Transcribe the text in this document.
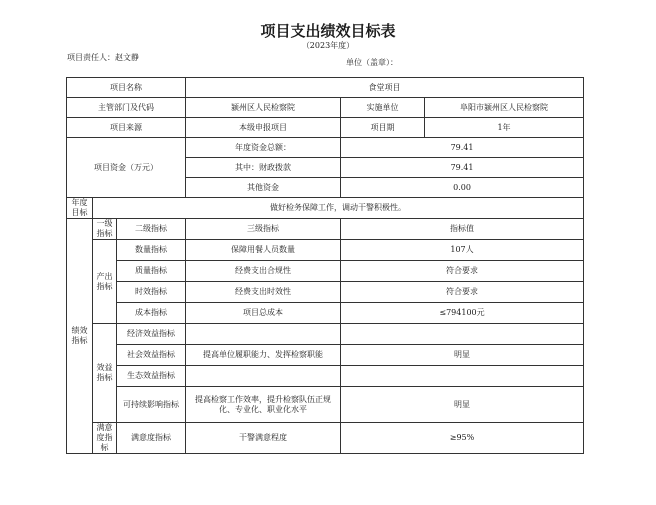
项目支出绩效目标表
（2023年度）
项目责任人：赵文静
单位（盖章）：
项目名称			食堂项目		
主管部门及代码			颍州区人民检察院	实施单位	阜阳市颍州区人民检察院
项目来源			本级申报项目	项目期	1年
项目资金（万元）			年度资金总额：	79.41	
			其中：财政拨款	79.41	
			其他资金	0.00	
年度目标	做好检务保障工作，调动干警积极性。				
绩效指标	一级指标	二级指标	三级指标	指标值	
	产出指标	数量指标	保障用餐人员数量	107人	
		质量指标	经费支出合规性	符合要求	
		时效指标	经费支出时效性	符合要求	
		成本指标	项目总成本	≤794100元	
	效益指标	经济效益指标			
		社会效益指标	提高单位履职能力、发挥检察职能	明显	
		生态效益指标			
		可持续影响指标	提高检察工作效率，提升检察队伍正规化、专业化、职业化水平	明显	
	满意度指标	满意度指标	干警满意程度	≥95%	
